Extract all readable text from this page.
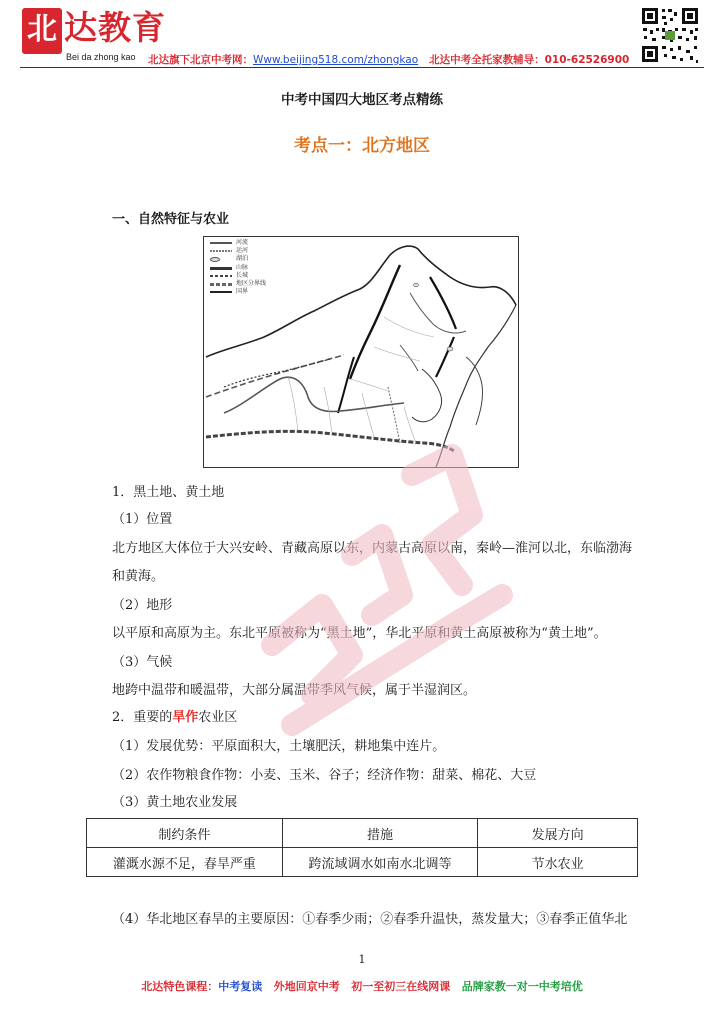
北 达教育
Bei da zhong kao 北达旗下北京中考网：Www.beijing518.com/zhongkao 北达中考全托家教辅导：010-62526900
中考中国四大地区考点精练
考点一：北方地区
一、自然特征与农业
河流
运河
湖泊
山脉
长城
地区分界线
国界
1．黑土地、黄土地
（1）位置
北方地区大体位于大兴安岭、青藏高原以东，内蒙古高原以南，秦岭—淮河以北，东临渤海
和黄海。
（2）地形
以平原和高原为主。东北平原被称为“黑土地”，华北平原和黄土高原被称为“黄土地”。
（3）气候
地跨中温带和暖温带，大部分属温带季风气候，属于半湿润区。
2．重要的旱作农业区
（1）发展优势：平原面积大，土壤肥沃，耕地集中连片。
（2）农作物粮食作物：小麦、玉米、谷子；经济作物：甜菜、棉花、大豆
（3）黄土地农业发展
制约条件	措施	发展方向
灌溉水源不足，春旱严重	跨流域调水如南水北调等	节水农业
（4）华北地区春旱的主要原因：①春季少雨；②春季升温快，蒸发量大；③春季正值华北
1
北达特色课程：中考复读 外地回京中考 初一至初三在线网课 品牌家教一对一中考培优
